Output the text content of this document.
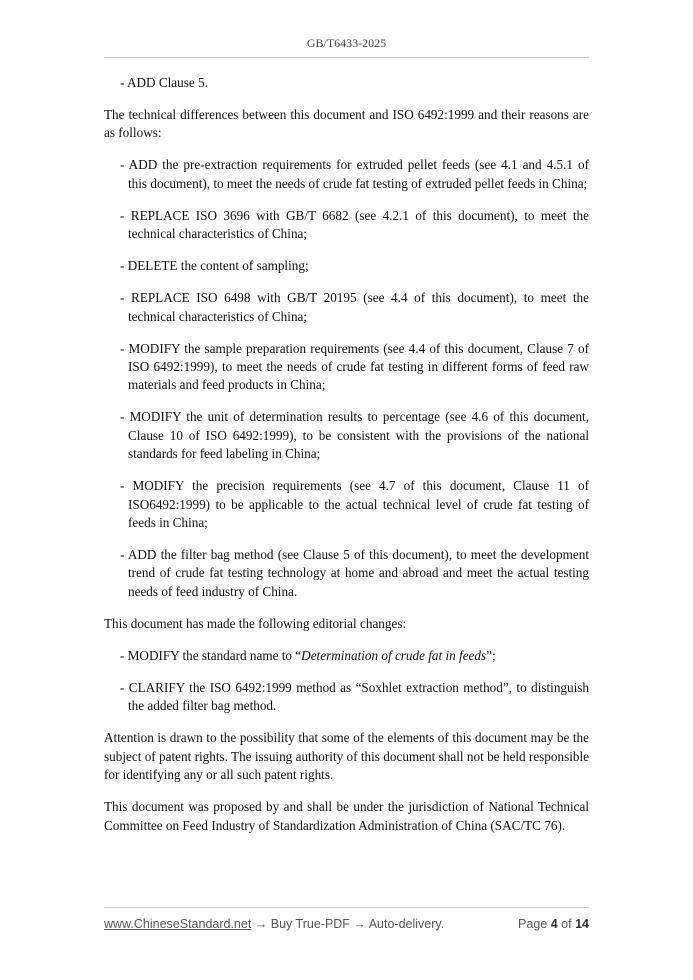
GB/T6433-2025

- ADD Clause 5.

The technical differences between this document and ISO 6492:1999 and their reasons are as follows:

- ADD the pre-extraction requirements for extruded pellet feeds (see 4.1 and 4.5.1 of this document), to meet the needs of crude fat testing of extruded pellet feeds in China;

- REPLACE ISO 3696 with GB/T 6682 (see 4.2.1 of this document), to meet the technical characteristics of China;

- DELETE the content of sampling;

- REPLACE ISO 6498 with GB/T 20195 (see 4.4 of this document), to meet the technical characteristics of China;

- MODIFY the sample preparation requirements (see 4.4 of this document, Clause 7 of ISO 6492:1999), to meet the needs of crude fat testing in different forms of feed raw materials and feed products in China;

- MODIFY the unit of determination results to percentage (see 4.6 of this document, Clause 10 of ISO 6492:1999), to be consistent with the provisions of the national standards for feed labeling in China;

- MODIFY the precision requirements (see 4.7 of this document, Clause 11 of ISO6492:1999) to be applicable to the actual technical level of crude fat testing of feeds in China;

- ADD the filter bag method (see Clause 5 of this document), to meet the development trend of crude fat testing technology at home and abroad and meet the actual testing needs of feed industry of China.

This document has made the following editorial changes:

- MODIFY the standard name to “Determination of crude fat in feeds”;

- CLARIFY the ISO 6492:1999 method as “Soxhlet extraction method”, to distinguish the added filter bag method.

Attention is drawn to the possibility that some of the elements of this document may be the subject of patent rights. The issuing authority of this document shall not be held responsible for identifying any or all such patent rights.

This document was proposed by and shall be under the jurisdiction of National Technical Committee on Feed Industry of Standardization Administration of China (SAC/TC 76).

www.ChineseStandard.net → Buy True-PDF → Auto-delivery.	Page 4 of 14
